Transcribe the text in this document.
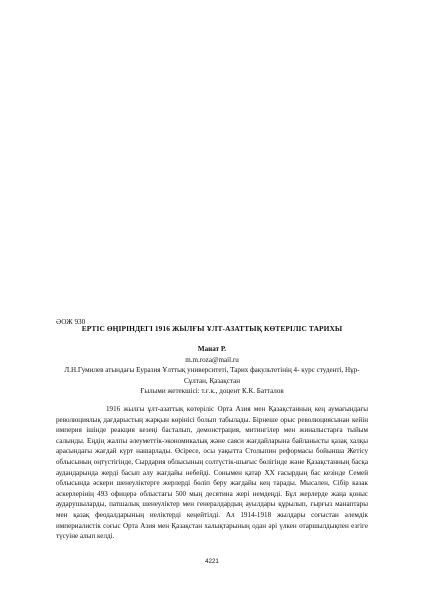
ӘОЖ 930
ЕРТІС ӨҢІРІНДЕГІ 1916 ЖЫЛҒЫ ҰЛТ-АЗАТТЫҚ КӨТЕРІЛІС ТАРИХЫ
Манат Р.
m.m.roza@mail.ru
Л.Н.Гумилев атындағы Еуразия Ұлттық университеті, Тарих факультетінің 4- курс студенті, Нұр-Сұлтан, Қазақстан
Ғылыми жетекшісі: т.ғ.к., доцент К.К. Батталов

1916 жылғы ұлт-азаттық көтеріліс Орта Азия мен Қазақстанның кең аумағындағы революциялық дағдарыстың жарқын көрінісі болып табылады. Бірнеше орыс революциясынан кейін империя ішінде реакция кезеңі басталып, демонстрация, митингілер мен жиналыстарға тыйым салынды. Еңдің жалпы әлеуметтік-экономикалық және саяси жағдайларына байланысты қазақ халқы арасындағы жағдай күрт нашарлады. Өсіресе, осы уақытта Столыпин реформасы бойынша Жетісу облысының оңтүстігінде, Сырдария облысының солтүстік-шығыс бөлігінде және Қазақстанның басқа аудандарында жерді басып алу жағдайы небейді. Сонымен қатар XX ғасырдың бас кезінде Семей облысында әскери шенеуліктерге жерлерді бөліп беру жағдайы кең тарады. Мысален, Сібір казак әскерлерінің 493 офицерә облыстағы 500 мың десятина жері немдеңді. Бұл жерлерде жаңа қоныс аударушыларды, патшалық шенеуліктер мен генералдардың ауылдары құрылып, ғырғыз манаптары мен қазақ феодалдарының иеліктерді кеңейтілді. Ал 1914-1918 жылдары соғыстан әлемдік империалистік соғыс Орта Азия мен Қазақстан халықтарының одан әрі үлкен отаршылдықпен езгіге түсуіне алып келді.

4221
